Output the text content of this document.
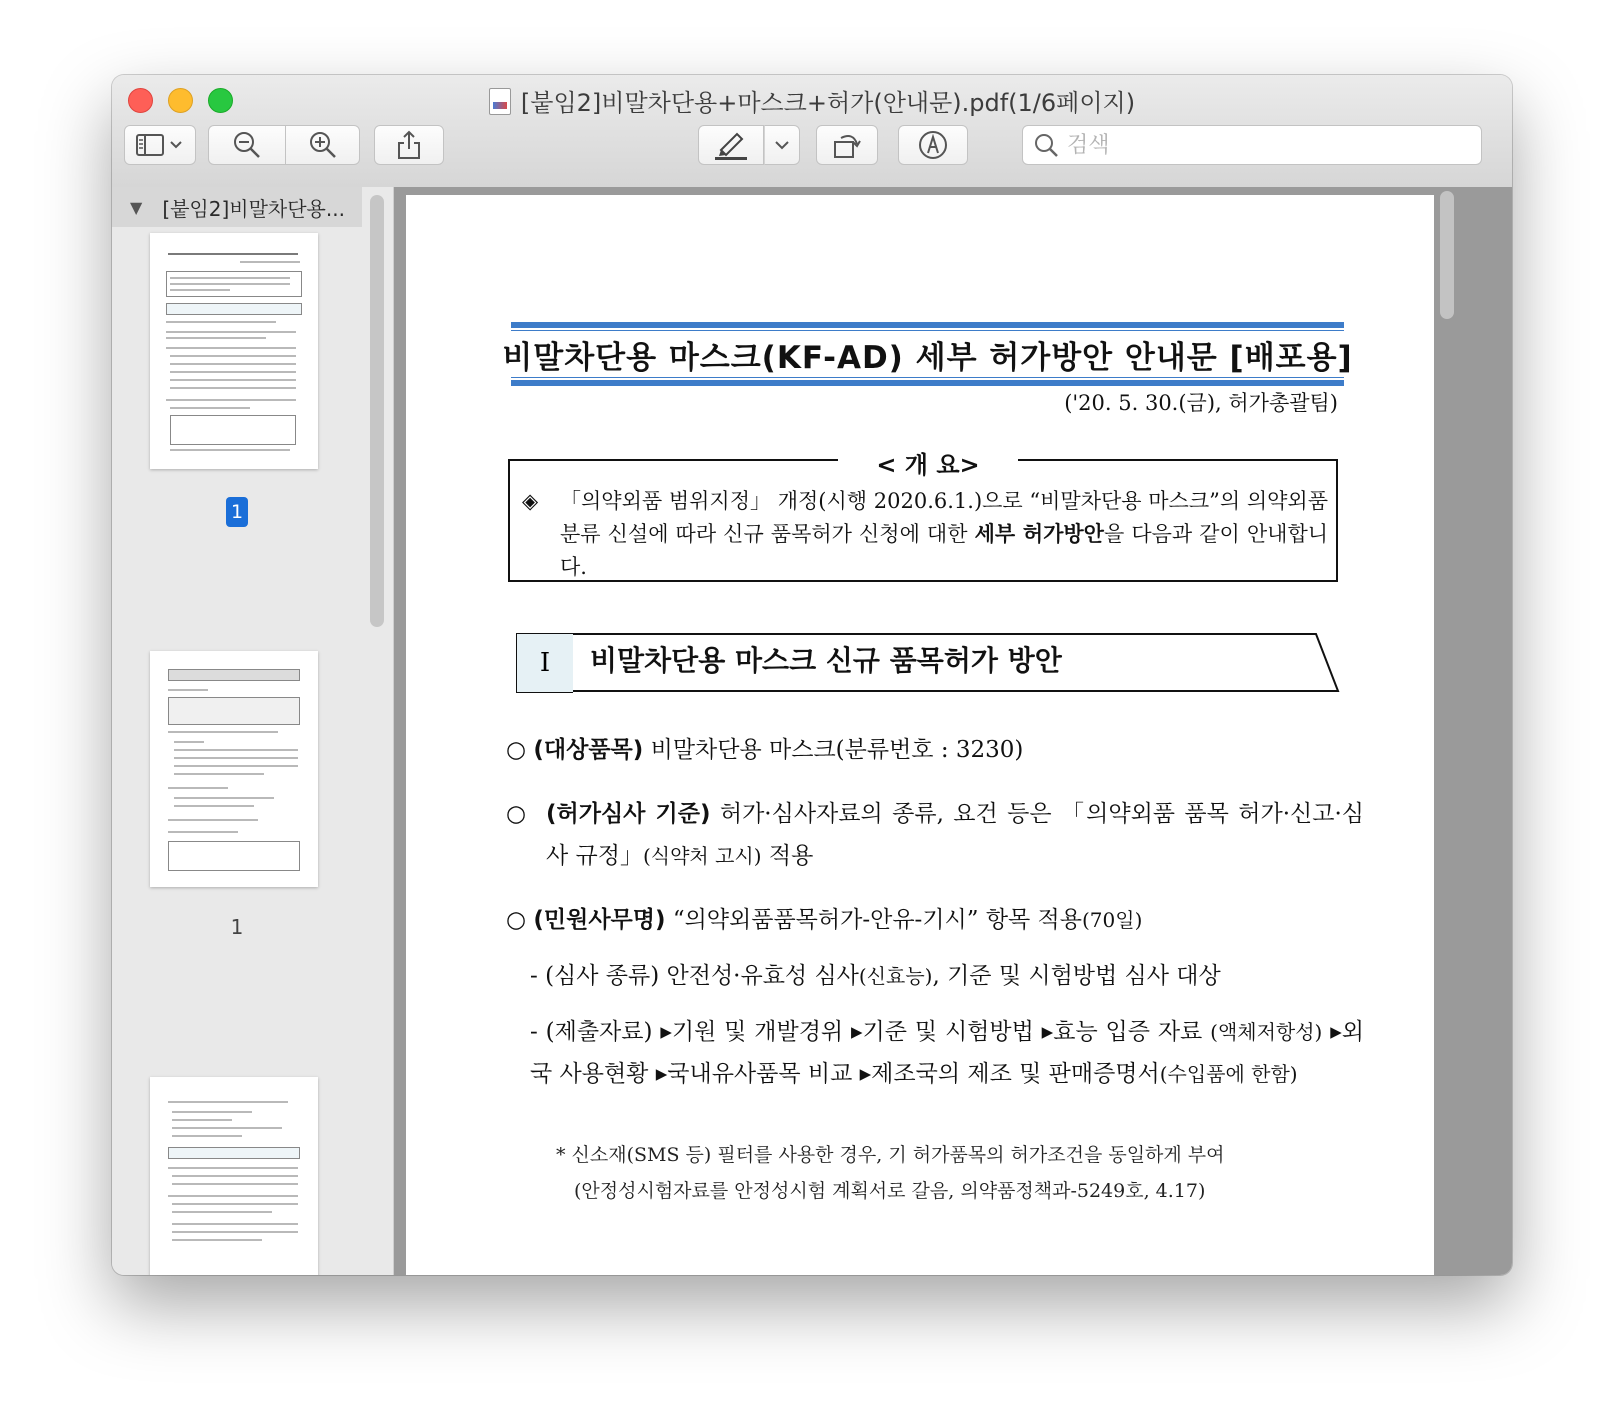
[붙임2]비말차단용+마스크+허가(안내문).pdf(1/6페이지)
검색
▼ [붙임2]비말차단용...
1
1
비말차단용 마스크(KF-AD) 세부 허가방안 안내문 [배포용]
('20. 5. 30.(금), 허가총괄팀)
◈	「의약외품 범위지정」 개정(시행 2020.6.1.)으로 “비말차단용 마스크”의 의약외품 분류 신설에 따라 신규 품목허가 신청에 대한 세부 허가방안을 다음과 같이 안내합니다.
< 개 요>
Ⅰ	비말차단용 마스크 신규 품목허가 방안
○ (대상품목) 비말차단용 마스크(분류번호 : 3230)
○ (허가심사 기준) 허가·심사자료의 종류, 요건 등은 「의약외품 품목 허가·신고·심사 규정」(식약처 고시) 적용
○ (민원사무명) “의약외품품목허가-안유-기시” 항목 적용(70일)
- (심사 종류) 안전성·유효성 심사(신효능), 기준 및 시험방법 심사 대상
- (제출자료) ▸기원 및 개발경위 ▸기준 및 시험방법 ▸효능 입증 자료 (액체저항성) ▸외국 사용현황 ▸국내유사품목 비교 ▸제조국의 제조 및 판매증명서(수입품에 한함)
* 신소재(SMS 등) 필터를 사용한 경우, 기 허가품목의 허가조건을 동일하게 부여
(안정성시험자료를 안정성시험 계획서로 갈음, 의약품정책과-5249호, 4.17)
